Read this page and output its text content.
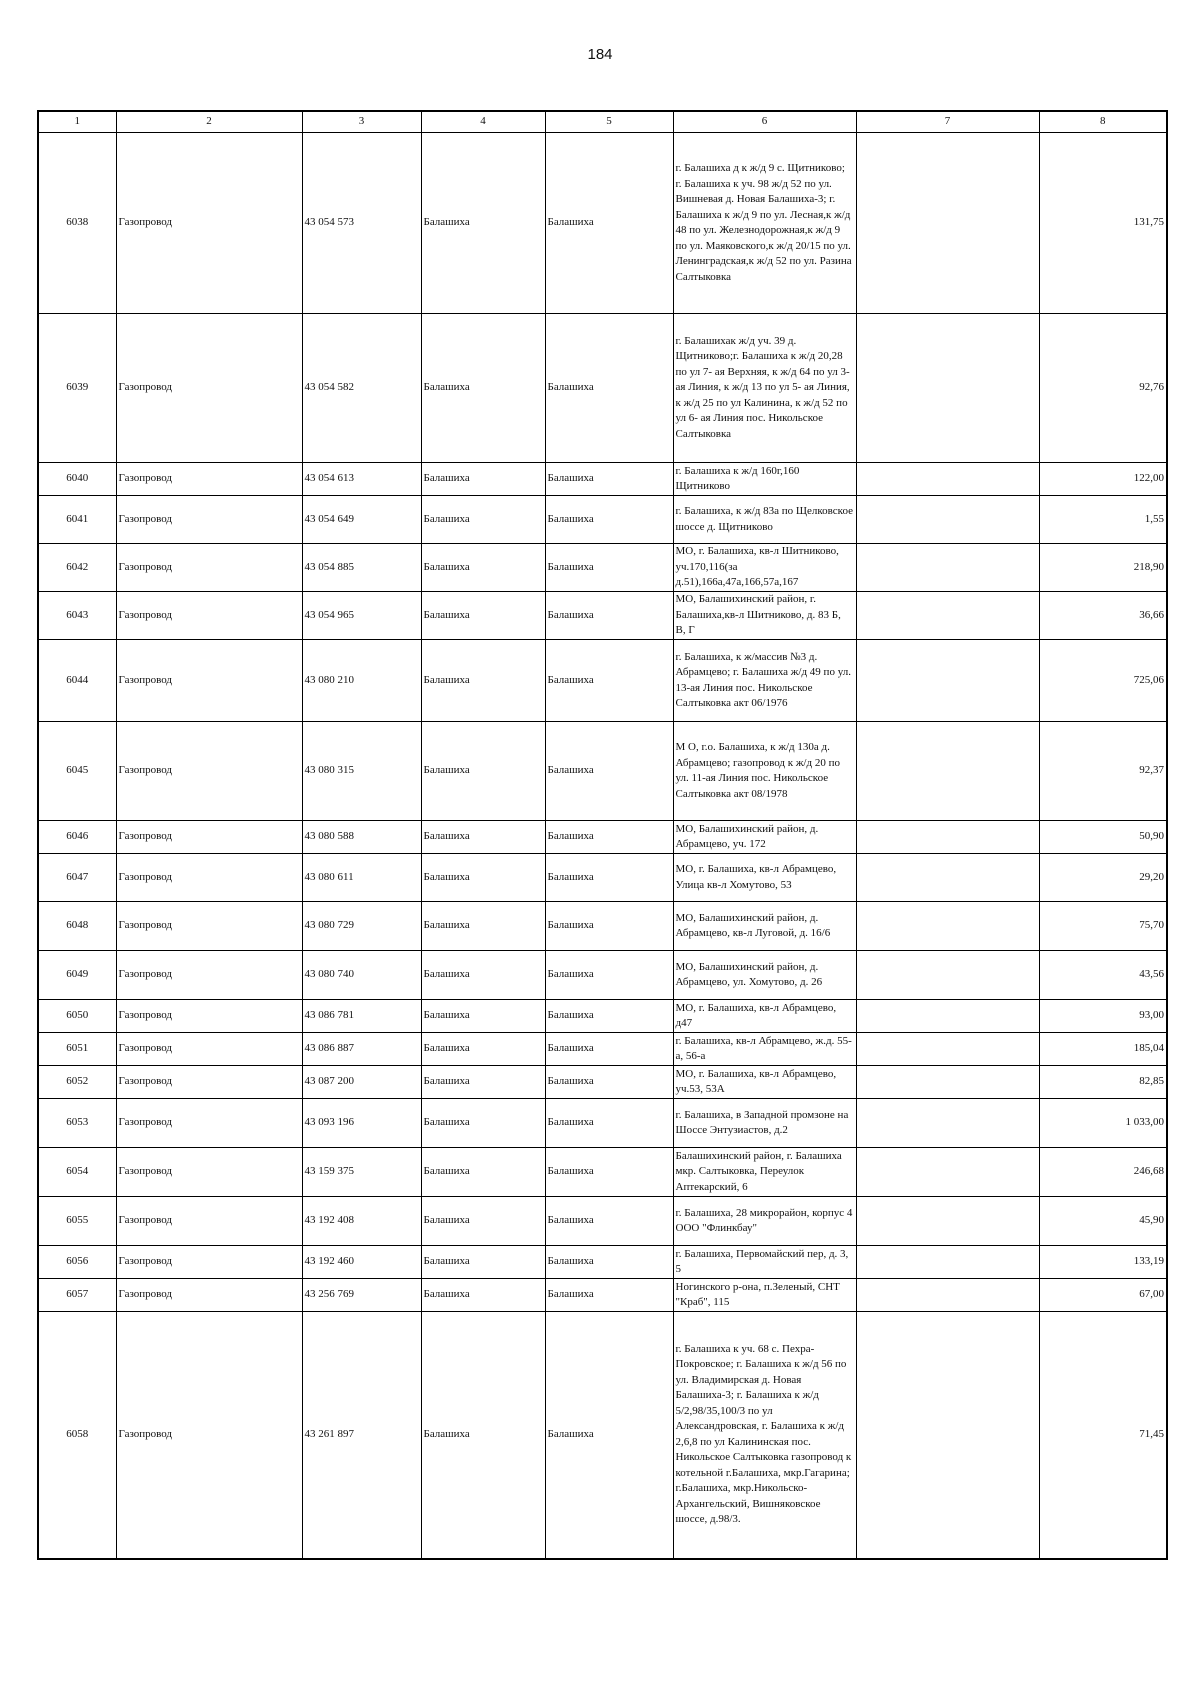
184
1	2	3	4	5	6	7	8
6038	Газопровод	43 054 573	Балашиха	Балашиха	г. Балашиха д к ж/д 9 с. Щитниково; г. Балашиха к уч. 98 ж/д 52 по ул. Вишневая д. Новая Балашиха-3; г. Балашиха к ж/д 9 по ул. Лесная,к ж/д 48 по ул. Железнодорожная,к ж/д 9 по ул. Маяковского,к ж/д 20/15 по ул. Ленинградская,к ж/д 52 по ул. Разина Салтыковка		131,75
6039	Газопровод	43 054 582	Балашиха	Балашиха	г. Балашихак ж/д уч. 39 д. Щитниково;г. Балашиха к ж/д 20,28 по ул 7- ая Верхняя, к ж/д 64 по ул 3- ая Линия, к ж/д 13 по ул 5- ая Линия, к ж/д 25 по ул Калинина, к ж/д 52 по ул 6- ая Линия пос. Никольское Салтыковка		92,76
6040	Газопровод	43 054 613	Балашиха	Балашиха	г. Балашиха к ж/д 160г,160 Щитниково		122,00
6041	Газопровод	43 054 649	Балашиха	Балашиха	г. Балашиха, к ж/д 83а по Щелковское шоссе д. Щитниково		1,55
6042	Газопровод	43 054 885	Балашиха	Балашиха	МО, г. Балашиха, кв-л Шитниково, уч.170,116(за д.51),166а,47а,166,57а,167		218,90
6043	Газопровод	43 054 965	Балашиха	Балашиха	МО, Балашихинский район, г. Балашиха,кв-л Шитниково, д. 83 Б, В, Г		36,66
6044	Газопровод	43 080 210	Балашиха	Балашиха	г. Балашиха, к ж/массив №3 д. Абрамцево; г. Балашиха ж/д 49 по ул. 13-ая Линия пос. Никольское Салтыковка акт 06/1976		725,06
6045	Газопровод	43 080 315	Балашиха	Балашиха	М О, г.о. Балашиха, к ж/д 130а д. Абрамцево; газопровод к ж/д 20 по ул. 11-ая Линия пос. Никольское Салтыковка акт 08/1978		92,37
6046	Газопровод	43 080 588	Балашиха	Балашиха	МО, Балашихинский район, д. Абрамцево, уч. 172		50,90
6047	Газопровод	43 080 611	Балашиха	Балашиха	МО, г. Балашиха, кв-л Абрамцево, Улица кв-л Хомутово, 53		29,20
6048	Газопровод	43 080 729	Балашиха	Балашиха	МО, Балашихинский район, д. Абрамцево, кв-л Луговой, д. 16/6		75,70
6049	Газопровод	43 080 740	Балашиха	Балашиха	МО, Балашихинский район, д. Абрамцево, ул. Хомутово, д. 26		43,56
6050	Газопровод	43 086 781	Балашиха	Балашиха	МО, г. Балашиха, кв-л Абрамцево, д47		93,00
6051	Газопровод	43 086 887	Балашиха	Балашиха	г. Балашиха, кв-л Абрамцево, ж.д. 55-а, 56-а		185,04
6052	Газопровод	43 087 200	Балашиха	Балашиха	МО, г. Балашиха, кв-л Абрамцево, уч.53, 53А		82,85
6053	Газопровод	43 093 196	Балашиха	Балашиха	г. Балашиха, в Западной промзоне на Шоссе Энтузиастов, д.2		1 033,00
6054	Газопровод	43 159 375	Балашиха	Балашиха	Балашихинский район, г. Балашиха мкр. Салтыковка, Переулок Аптекарский, 6		246,68
6055	Газопровод	43 192 408	Балашиха	Балашиха	г. Балашиха, 28 микрорайон, корпус 4 ООО "Флинкбау"		45,90
6056	Газопровод	43 192 460	Балашиха	Балашиха	г. Балашиха, Первомайский пер, д. 3, 5		133,19
6057	Газопровод	43 256 769	Балашиха	Балашиха	Ногинского р-она, п.Зеленый, СНТ "Краб", 115		67,00
6058	Газопровод	43 261 897	Балашиха	Балашиха	г. Балашиха к уч. 68 с. Пехра-Покровское; г. Балашиха к ж/д 56 по ул. Владимирская д. Новая Балашиха-3; г. Балашиха к ж/д 5/2,98/35,100/3 по ул Александровская, г. Балашиха к ж/д 2,6,8 по ул Калининская пос. Никольское Салтыковка газопровод к котельной г.Балашиха, мкр.Гагарина; г.Балашиха, мкр.Никольско-Архангельский, Вишняковское шоссе, д.98/3.		71,45
